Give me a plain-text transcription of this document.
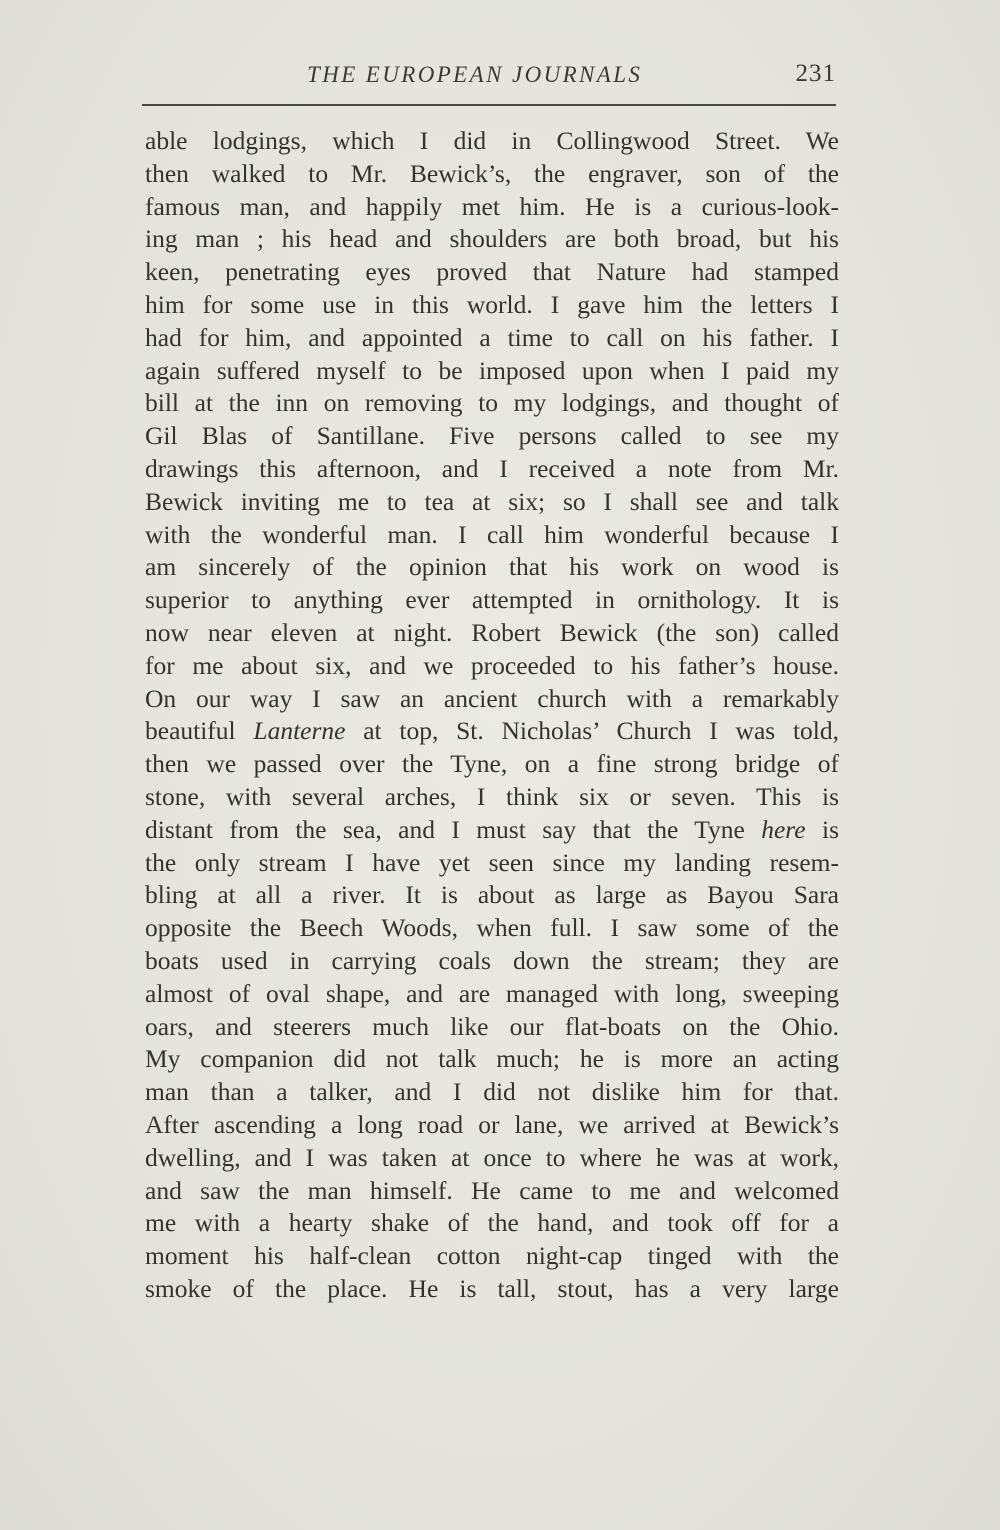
THE EUROPEAN JOURNALS	231
able lodgings, which I did in Collingwood Street. We
then walked to Mr. Bewick’s, the engraver, son of the
famous man, and happily met him. He is a curious-look-
ing man ; his head and shoulders are both broad, but his
keen, penetrating eyes proved that Nature had stamped
him for some use in this world. I gave him the letters I
had for him, and appointed a time to call on his father. I
again suffered myself to be imposed upon when I paid my
bill at the inn on removing to my lodgings, and thought of
Gil Blas of Santillane. Five persons called to see my
drawings this afternoon, and I received a note from Mr.
Bewick inviting me to tea at six; so I shall see and talk
with the wonderful man. I call him wonderful because I
am sincerely of the opinion that his work on wood is
superior to anything ever attempted in ornithology. It is
now near eleven at night. Robert Bewick (the son) called
for me about six, and we proceeded to his father’s house.
On our way I saw an ancient church with a remarkably
beautiful Lanterne at top, St. Nicholas’ Church I was told,
then we passed over the Tyne, on a fine strong bridge of
stone, with several arches, I think six or seven. This is
distant from the sea, and I must say that the Tyne here is
the only stream I have yet seen since my landing resem-
bling at all a river. It is about as large as Bayou Sara
opposite the Beech Woods, when full. I saw some of the
boats used in carrying coals down the stream; they are
almost of oval shape, and are managed with long, sweeping
oars, and steerers much like our flat-boats on the Ohio.
My companion did not talk much; he is more an acting
man than a talker, and I did not dislike him for that.
After ascending a long road or lane, we arrived at Bewick’s
dwelling, and I was taken at once to where he was at work,
and saw the man himself. He came to me and welcomed
me with a hearty shake of the hand, and took off for a
moment his half-clean cotton night-cap tinged with the
smoke of the place. He is tall, stout, has a very large
